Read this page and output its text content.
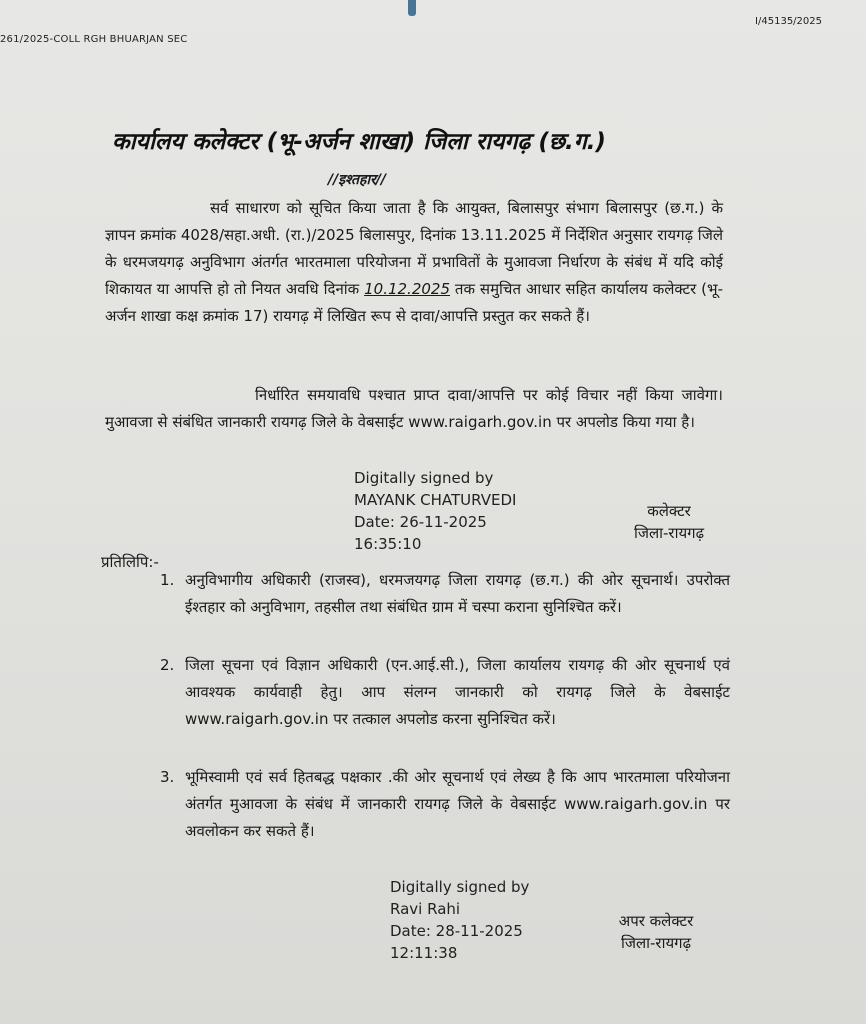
261/2025-COLL RGH BHUARJAN SEC
I/45135/2025
कार्यालय कलेक्टर (भू-अर्जन शाखा) जिला रायगढ़ (छ.ग.)
//इश्तहार//
सर्व साधारण को सूचित किया जाता है कि आयुक्त, बिलासपुर संभाग बिलासपुर (छ.ग.) के ज्ञापन क्रमांक 4028/सहा.अधी. (रा.)/2025 बिलासपुर, दिनांक 13.11.2025 में निर्देशित अनुसार रायगढ़ जिले के धरमजयगढ़ अनुविभाग अंतर्गत भारतमाला परियोजना में प्रभावितों के मुआवजा निर्धारण के संबंध में यदि कोई शिकायत या आपत्ति हो तो नियत अवधि दिनांक 10.12.2025 तक समुचित आधार सहित कार्यालय कलेक्टर (भू-अर्जन शाखा कक्ष क्रमांक 17) रायगढ़ में लिखित रूप से दावा/आपत्ति प्रस्तुत कर सकते हैं।
निर्धारित समयावधि पश्चात प्राप्त दावा/आपत्ति पर कोई विचार नहीं किया जावेगा। मुआवजा से संबंधित जानकारी रायगढ़ जिले के वेबसाईट www.raigarh.gov.in पर अपलोड किया गया है।
Digitally signed by
MAYANK CHATURVEDI
Date: 26-11-2025
16:35:10
कलेक्टर
जिला-रायगढ़
प्रतिलिपि:-
1. अनुविभागीय अधिकारी (राजस्व), धरमजयगढ़ जिला रायगढ़ (छ.ग.) की ओर सूचनार्थ। उपरोक्त ईश्तहार को अनुविभाग, तहसील तथा संबंधित ग्राम में चस्पा कराना सुनिश्चित करें।
2. जिला सूचना एवं विज्ञान अधिकारी (एन.आई.सी.), जिला कार्यालय रायगढ़ की ओर सूचनार्थ एवं आवश्यक कार्यवाही हेतु। आप संलग्न जानकारी को रायगढ़ जिले के वेबसाईट www.raigarh.gov.in पर तत्काल अपलोड करना सुनिश्चित करें।
3. भूमिस्वामी एवं सर्व हितबद्ध पक्षकार .की ओर सूचनार्थ एवं लेख्य है कि आप भारतमाला परियोजना अंतर्गत मुआवजा के संबंध में जानकारी रायगढ़ जिले के वेबसाईट www.raigarh.gov.in पर अवलोकन कर सकते हैं।
Digitally signed by
Ravi Rahi
Date: 28-11-2025
12:11:38
अपर कलेक्टर
जिला-रायगढ़
